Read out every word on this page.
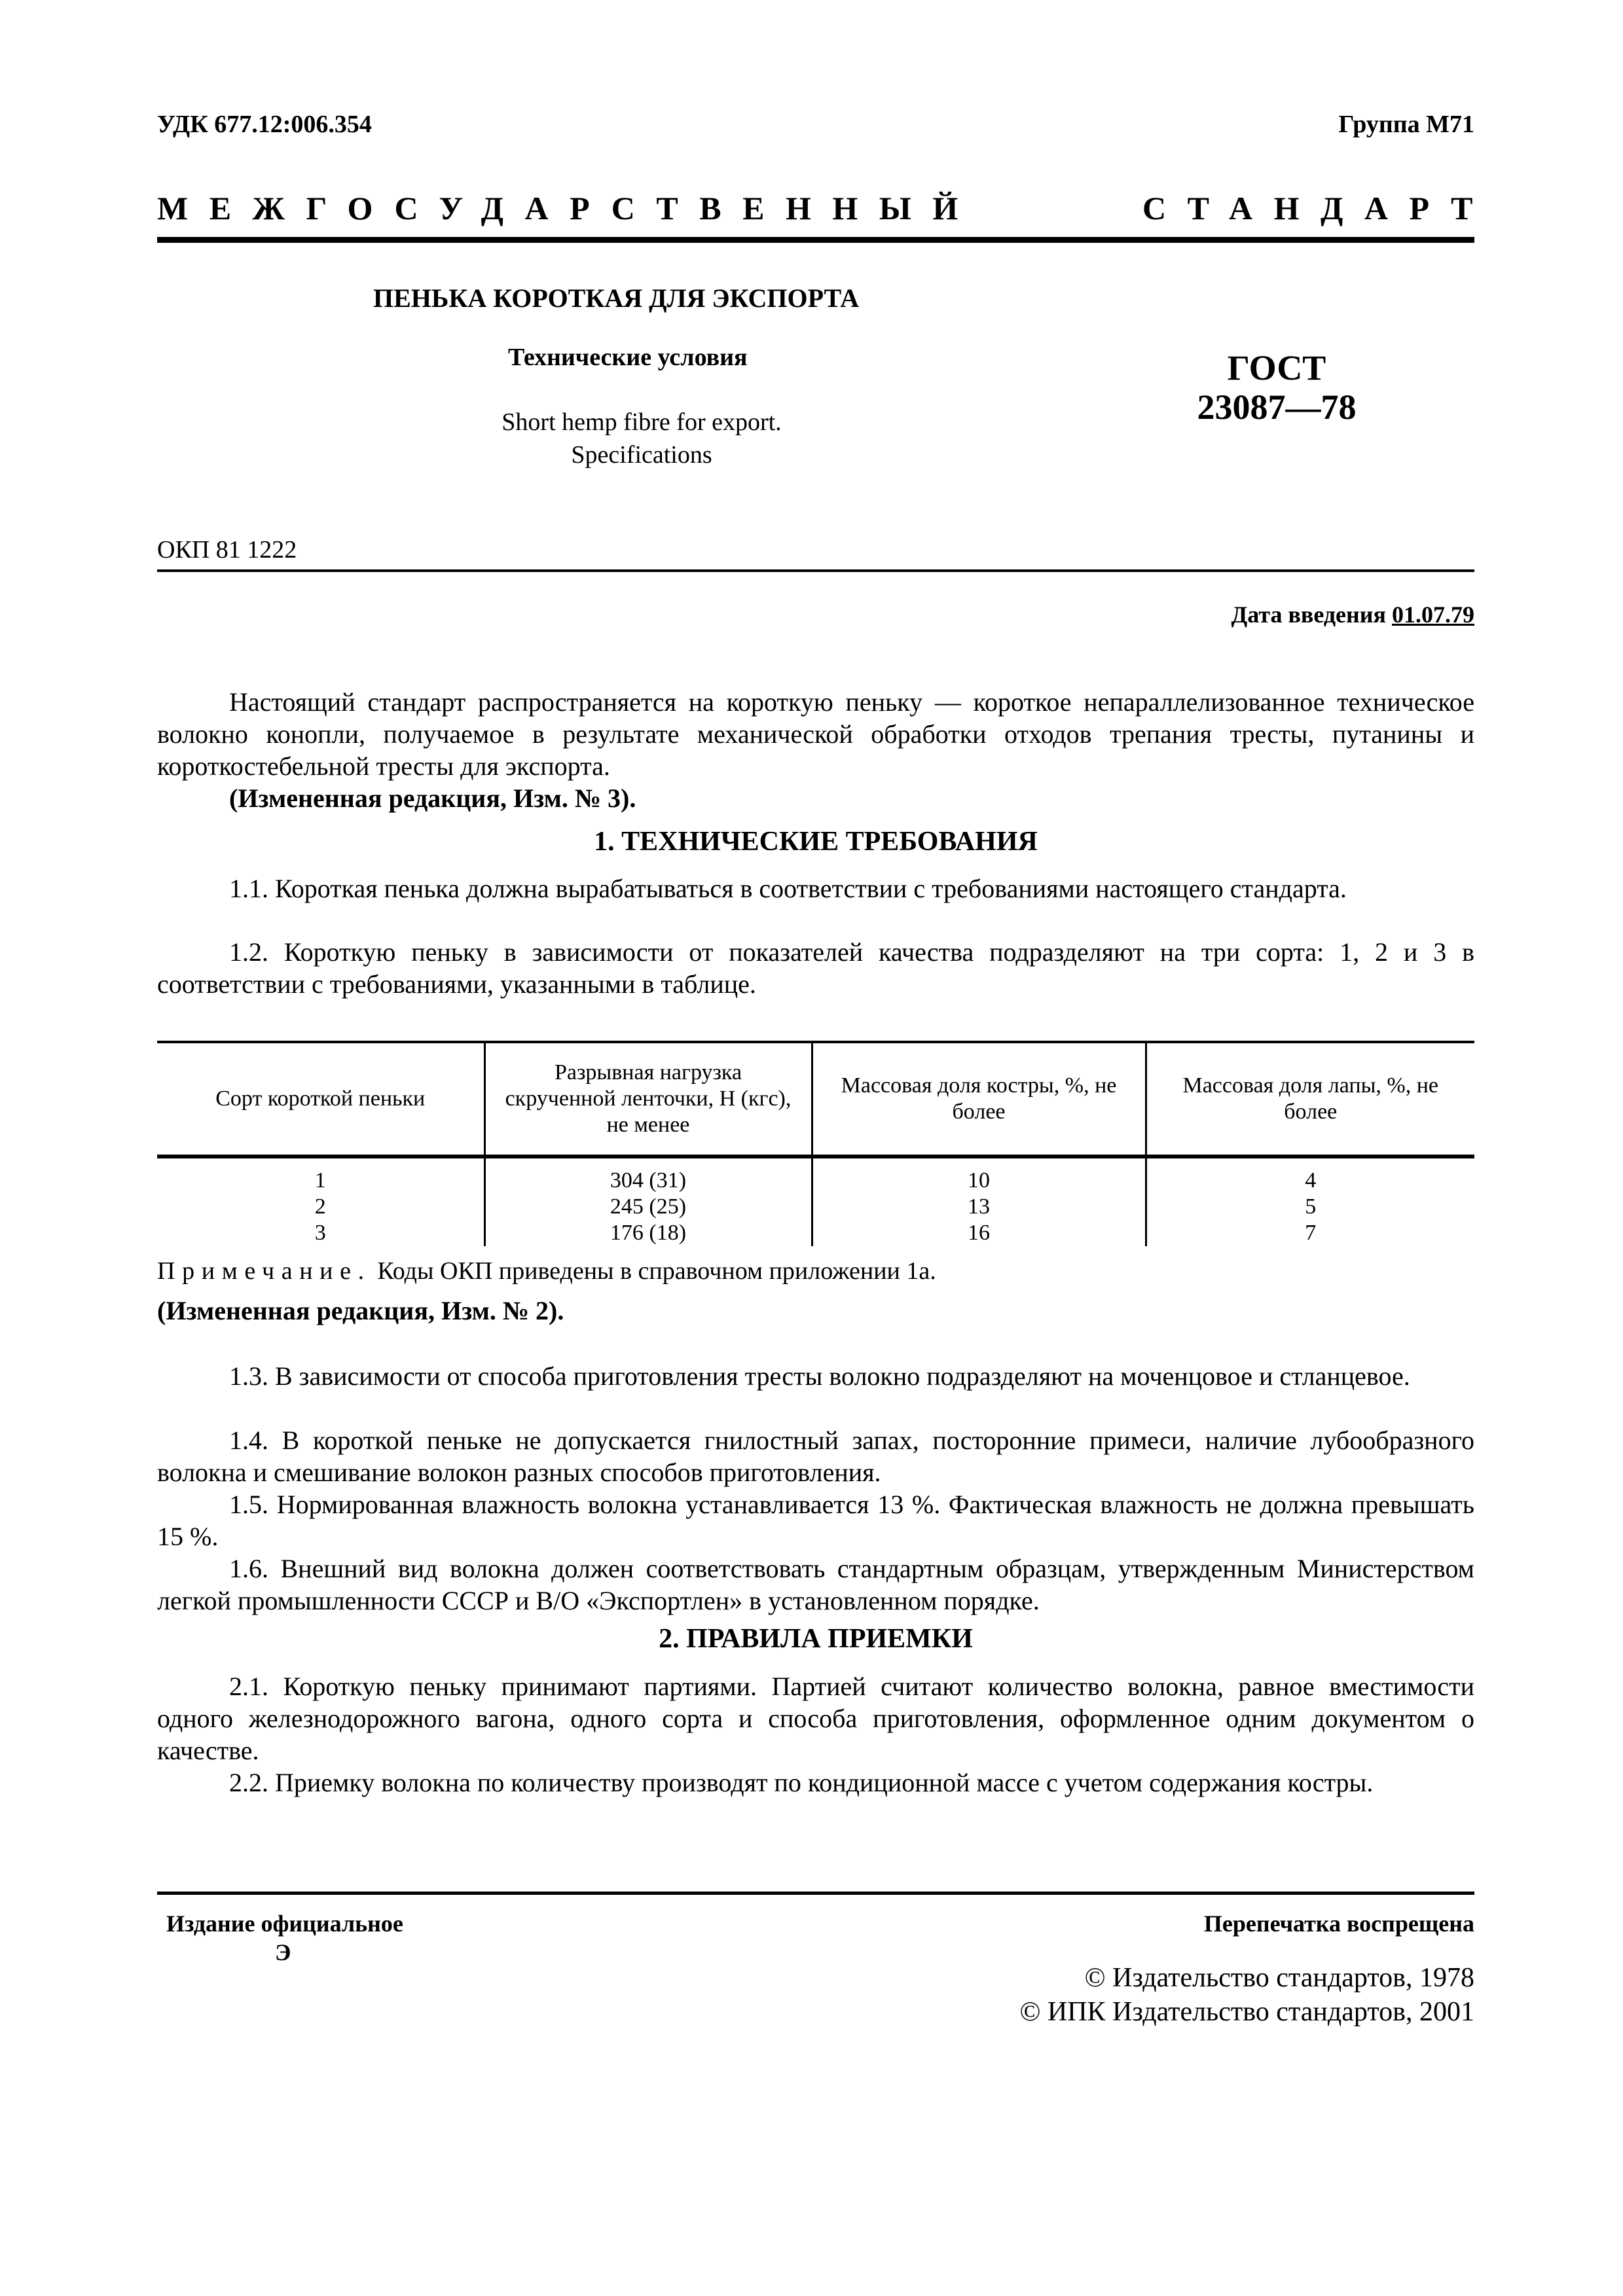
УДК 677.12:006.354	Группа М71
МЕЖГОСУДАРСТВЕННЫЙ	СТАНДАРТ
ПЕНЬКА КОРОТКАЯ ДЛЯ ЭКСПОРТА
Технические условия
Short hemp fibre for export.
Specifications
ГОСТ
23087—78
ОКП 81 1222
Дата введения 01.07.79
Настоящий стандарт распространяется на короткую пеньку — короткое непараллелизованное техническое волокно конопли, получаемое в результате механической обработки отходов трепания тресты, путанины и короткостебельной тресты для экспорта.
(Измененная редакция, Изм. № 3).
1. ТЕХНИЧЕСКИЕ ТРЕБОВАНИЯ
1.1. Короткая пенька должна вырабатываться в соответствии с требованиями настоящего стандарта.
1.2. Короткую пеньку в зависимости от показателей качества подразделяют на три сорта: 1, 2 и 3 в соответствии с требованиями, указанными в таблице.
Сорт короткой пеньки	Разрывная нагрузка скрученной ленточки, Н (кгс), не менее	Массовая доля костры, %, не более	Массовая доля лапы, %, не более
1	304 (31)	10	4
2	245 (25)	13	5
3	176 (18)	16	7
Примечание. Коды ОКП приведены в справочном приложении 1а.
(Измененная редакция, Изм. № 2).
1.3. В зависимости от способа приготовления тресты волокно подразделяют на моченцовое и стланцевое.
1.4. В короткой пеньке не допускается гнилостный запах, посторонние примеси, наличие лубообразного волокна и смешивание волокон разных способов приготовления.
1.5. Нормированная влажность волокна устанавливается 13 %. Фактическая влажность не должна превышать 15 %.
1.6. Внешний вид волокна должен соответствовать стандартным образцам, утвержденным Министерством легкой промышленности СССР и В/О «Экспортлен» в установленном порядке.
2. ПРАВИЛА ПРИЕМКИ
2.1. Короткую пеньку принимают партиями. Партией считают количество волокна, равное вместимости одного железнодорожного вагона, одного сорта и способа приготовления, оформленное одним документом о качестве.
2.2. Приемку волокна по количеству производят по кондиционной массе с учетом содержания костры.
Издание официальное
Э
Перепечатка воспрещена
© Издательство стандартов, 1978
© ИПК Издательство стандартов, 2001
